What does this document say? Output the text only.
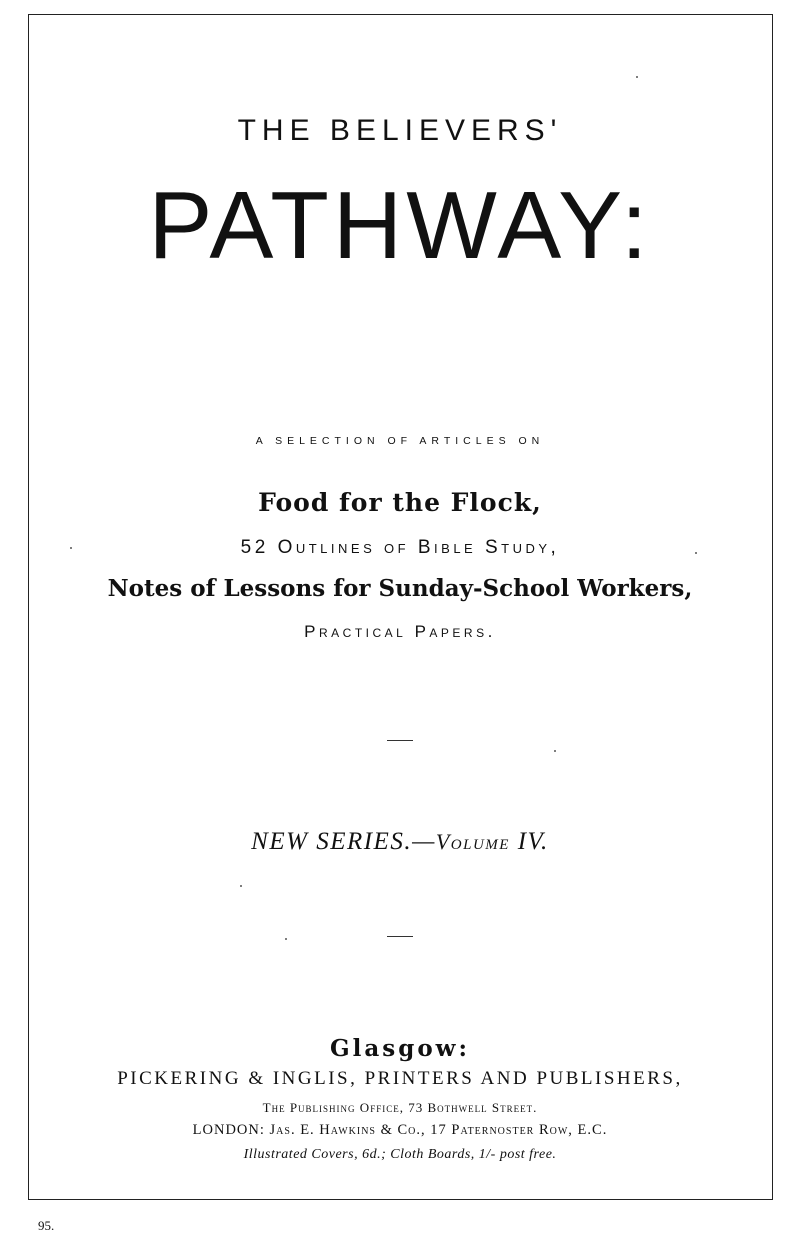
THE BELIEVERS'
PATHWAY:
A SELECTION OF ARTICLES ON
Food for the Flock,
52 Outlines of Bible Study,
Notes of Lessons for Sunday-School Workers,
Practical Papers.
NEW SERIES.—Volume IV.
Glasgow:
PICKERING & INGLIS, PRINTERS AND PUBLISHERS,
The Publishing Office, 73 Bothwell Street.
LONDON: Jas. E. Hawkins & Co., 17 Paternoster Row, E.C.
Illustrated Covers, 6d.; Cloth Boards, 1/- post free.
95.
